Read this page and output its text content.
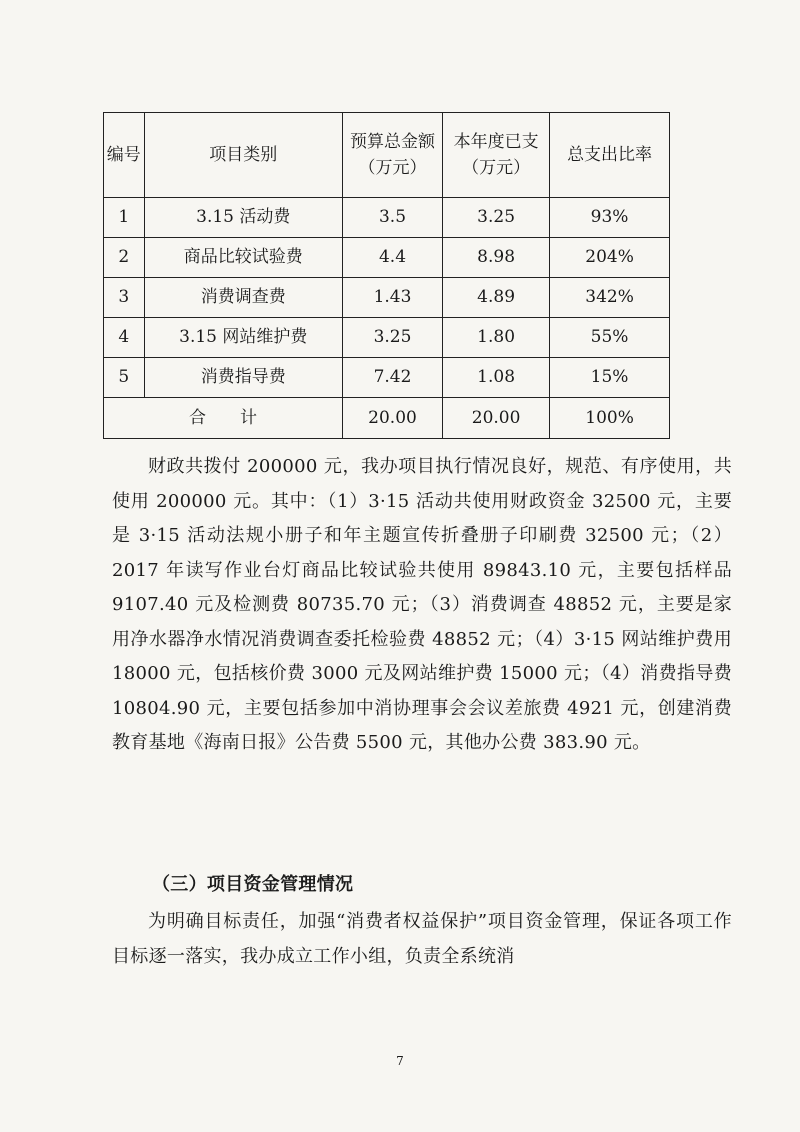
编号	项目类别	预算总金额（万元）	本年度已支（万元）	总支出比率
1	3.15 活动费	3.5	3.25	93%
2	商品比较试验费	4.4	8.98	204%
3	消费调查费	1.43	4.89	342%
4	3.15 网站维护费	3.25	1.80	55%
5	消费指导费	7.42	1.08	15%
合　　计		20.00	20.00	100%
财政共拨付 200000 元，我办项目执行情况良好，规范、有序使用，共使用 200000 元。其中：（1）3·15 活动共使用财政资金 32500 元，主要是 3·15 活动法规小册子和年主题宣传折叠册子印刷费 32500 元；（2）2017 年读写作业台灯商品比较试验共使用 89843.10 元，主要包括样品 9107.40 元及检测费 80735.70 元；（3）消费调查 48852 元，主要是家用净水器净水情况消费调查委托检验费 48852 元；（4）3·15 网站维护费用 18000 元，包括核价费 3000 元及网站维护费 15000 元；（4）消费指导费 10804.90 元，主要包括参加中消协理事会会议差旅费 4921 元，创建消费教育基地《海南日报》公告费 5500 元，其他办公费 383.90 元。
（三）项目资金管理情况
为明确目标责任，加强“消费者权益保护”项目资金管理，保证各项工作目标逐一落实，我办成立工作小组，负责全系统消
7
